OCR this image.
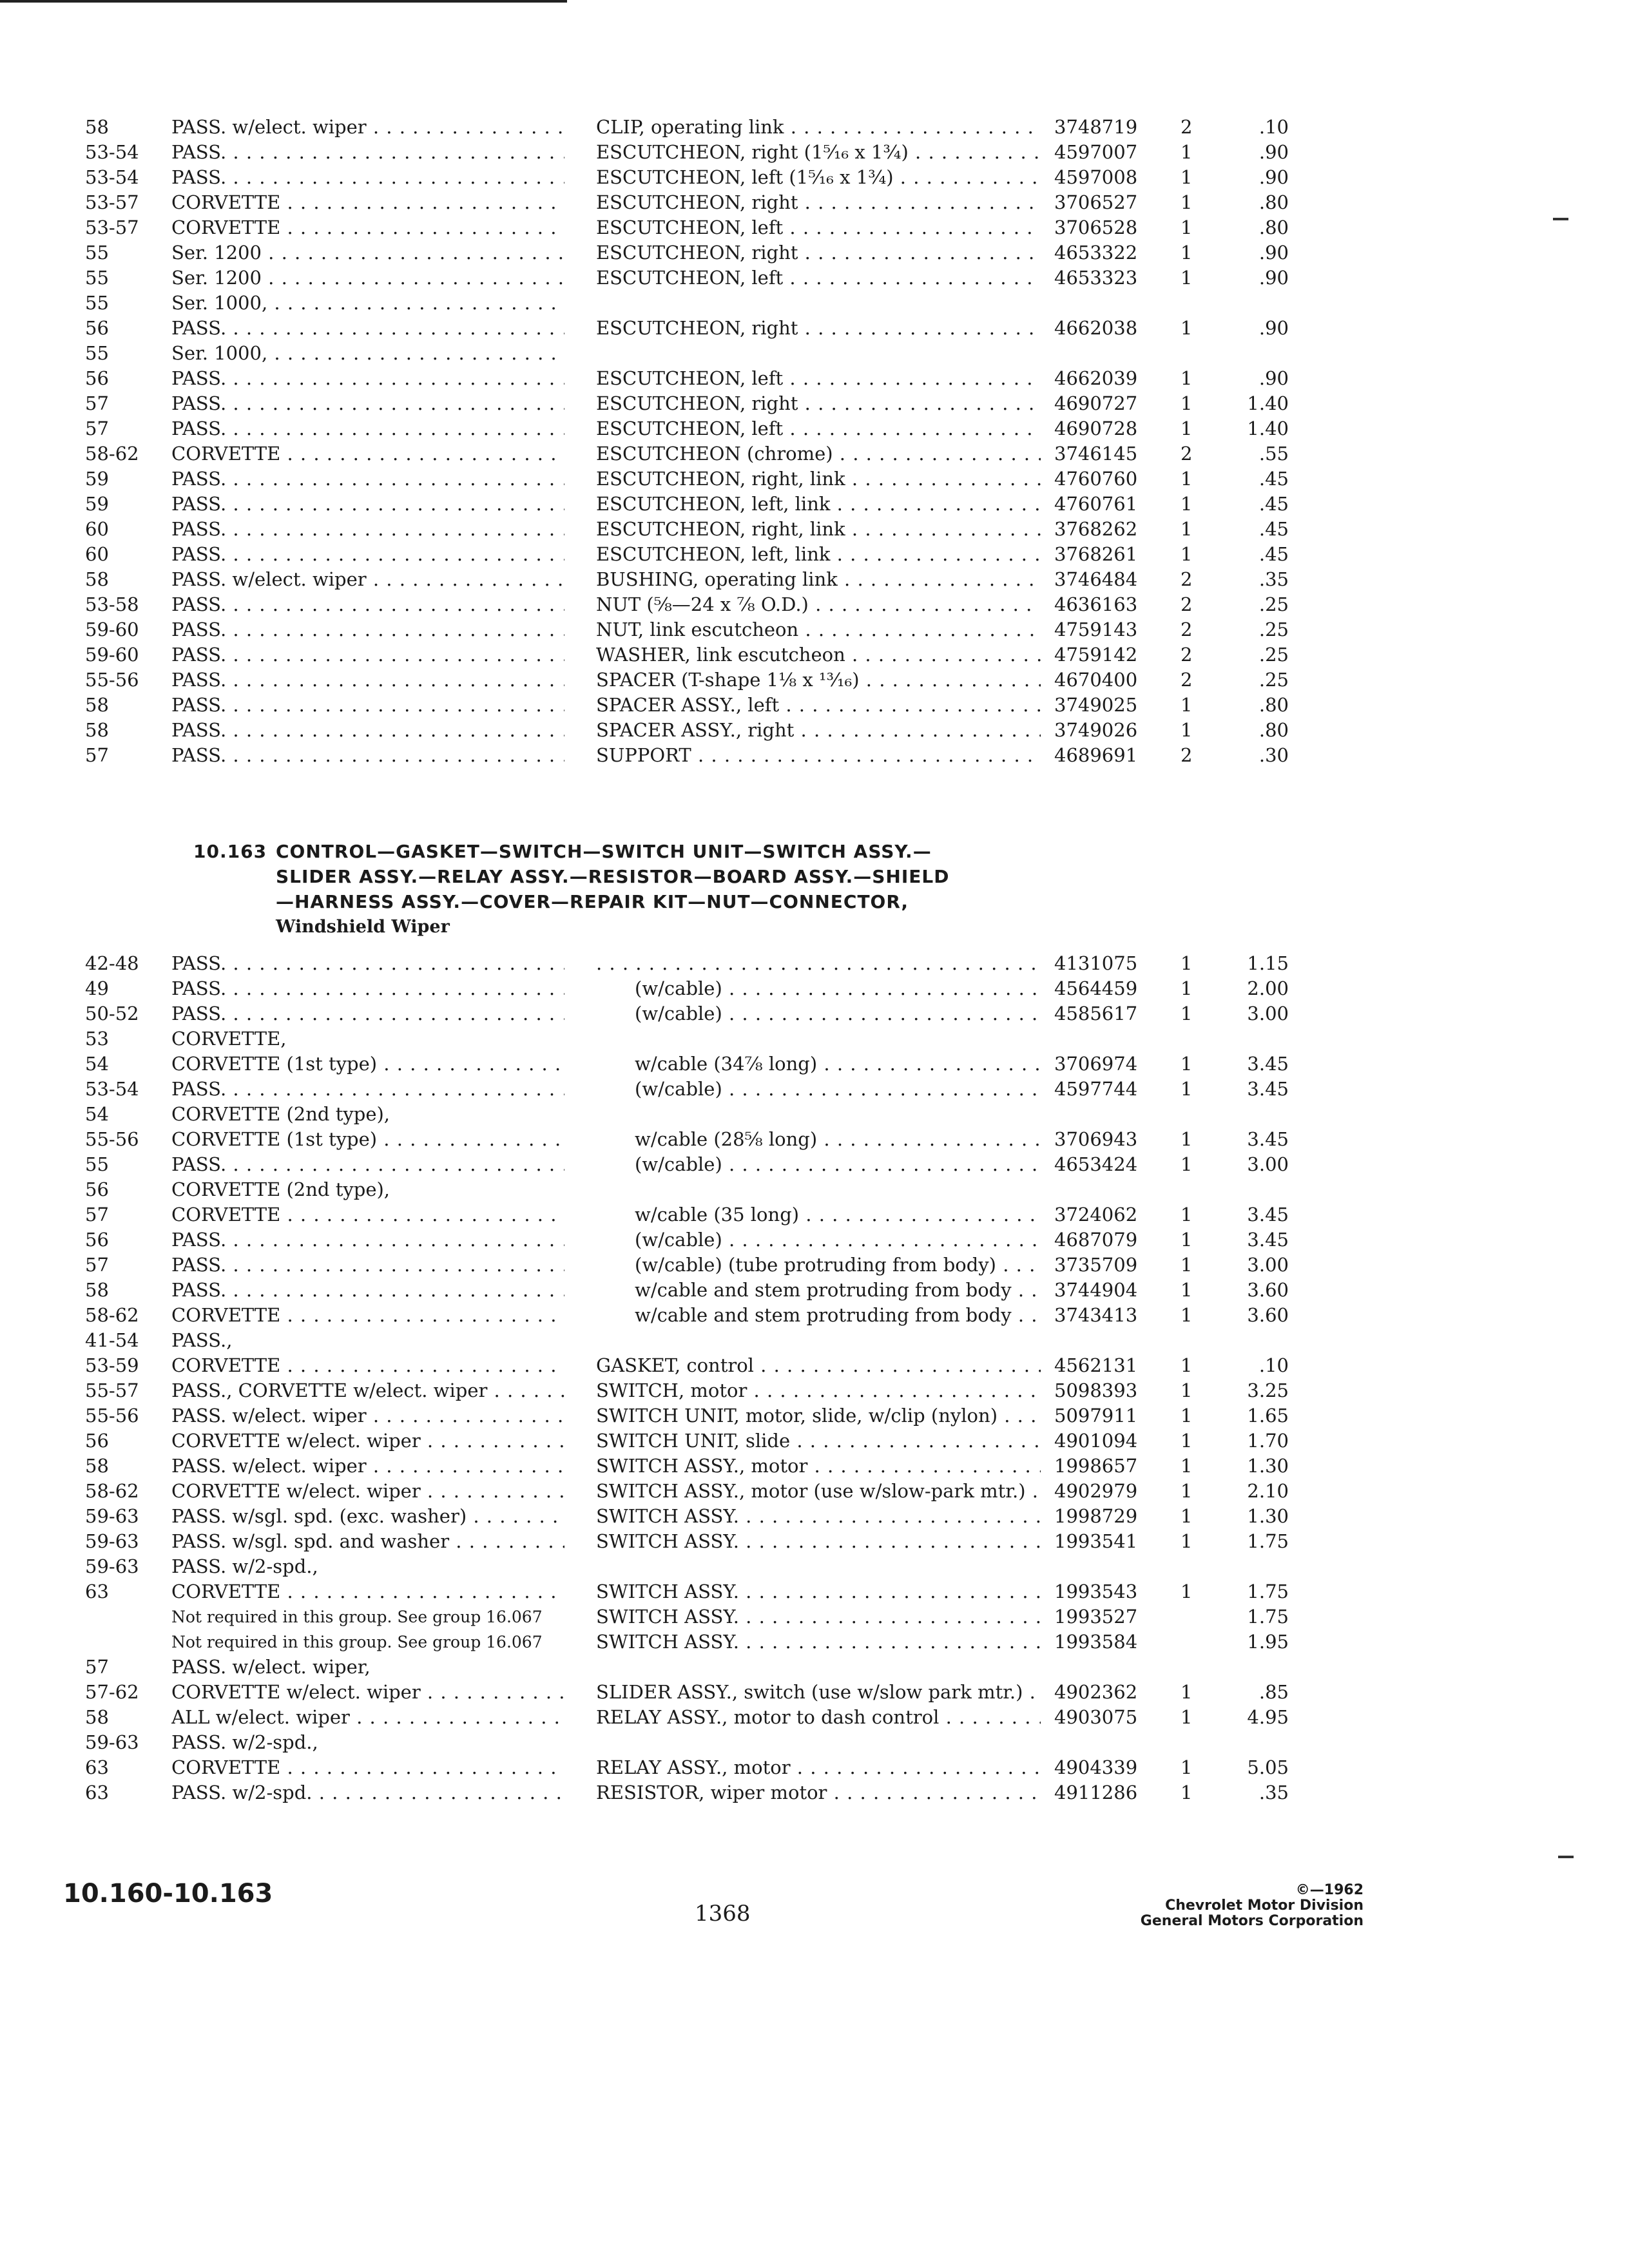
58	PASS. w/elect. wiper . . .	CLIP, operating link . . .	3748719	2	.10
53-54	PASS. . . .	ESCUTCHEON, right (1⁵⁄₁₆ x 1¾) . . .	4597007	1	.90
53-54	PASS. . . .	ESCUTCHEON, left (1⁵⁄₁₆ x 1¾) . . .	4597008	1	.90
53-57	CORVETTE . . .	ESCUTCHEON, right . . .	3706527	1	.80
53-57	CORVETTE . . .	ESCUTCHEON, left . . .	3706528	1	.80
55	Ser. 1200 . . .	ESCUTCHEON, right . . .	4653322	1	.90
55	Ser. 1200 . . .	ESCUTCHEON, left . . .	4653323	1	.90
55	Ser. 1000, . . .
56	PASS. . . .	ESCUTCHEON, right . . .	4662038	1	.90
55	Ser. 1000, . . .
56	PASS. . . .	ESCUTCHEON, left . . .	4662039	1	.90
57	PASS. . . .	ESCUTCHEON, right . . .	4690727	1	1.40
57	PASS. . . .	ESCUTCHEON, left . . .	4690728	1	1.40
58-62	CORVETTE . . .	ESCUTCHEON (chrome) . . .	3746145	2	.55
59	PASS. . . .	ESCUTCHEON, right, link . . .	4760760	1	.45
59	PASS. . . .	ESCUTCHEON, left, link . . .	4760761	1	.45
60	PASS. . . .	ESCUTCHEON, right, link . . .	3768262	1	.45
60	PASS. . . .	ESCUTCHEON, left, link . . .	3768261	1	.45
58	PASS. w/elect. wiper . . .	BUSHING, operating link . . .	3746484	2	.35
53-58	PASS. . . .	NUT (⅝—24 x ⅞ O.D.) . . .	4636163	2	.25
59-60	PASS. . . .	NUT, link escutcheon . . .	4759143	2	.25
59-60	PASS. . . .	WASHER, link escutcheon . . .	4759142	2	.25
55-56	PASS. . . .	SPACER (T-shape 1⅛ x ¹³⁄₁₆) . . .	4670400	2	.25
58	PASS. . . .	SPACER ASSY., left . . .	3749025	1	.80
58	PASS. . . .	SPACER ASSY., right . . .	3749026	1	.80
57	PASS. . . .	SUPPORT . . .	4689691	2	.30
10.163 CONTROL—GASKET—SWITCH—SWITCH UNIT—SWITCH ASSY.—
SLIDER ASSY.—RELAY ASSY.—RESISTOR—BOARD ASSY.—SHIELD
—HARNESS ASSY.—COVER—REPAIR KIT—NUT—CONNECTOR,
Windshield Wiper
42-48	PASS. . . .
. . .	4131075	1	1.15
49	PASS. . . .	(w/cable) . . .	4564459	1	2.00
50-52	PASS. . . .	(w/cable) . . .	4585617	1	3.00
53	CORVETTE,
54	CORVETTE (1st type) . . .	w/cable (34⅞ long) . . .	3706974	1	3.45
53-54	PASS. . . .	(w/cable) . . .	4597744	1	3.45
54	CORVETTE (2nd type),
55-56	CORVETTE (1st type) . . .	w/cable (28⅝ long) . . .	3706943	1	3.45
55	PASS. . . .	(w/cable) . . .	4653424	1	3.00
56	CORVETTE (2nd type),
57	CORVETTE . . .	w/cable (35 long) . . .	3724062	1	3.45
56	PASS. . . .	(w/cable) . . .	4687079	1	3.45
57	PASS. . . .	(w/cable) (tube protruding from body) . . .	3735709	1	3.00
58	PASS. . . .	w/cable and stem protruding from body . . .	3744904	1	3.60
58-62	CORVETTE . . .	w/cable and stem protruding from body . . .	3743413	1	3.60
41-54	PASS.,
53-59	CORVETTE . . .	GASKET, control . . .	4562131	1	.10
55-57	PASS., CORVETTE w/elect. wiper . . .	SWITCH, motor . . .	5098393	1	3.25
55-56	PASS. w/elect. wiper . . .	SWITCH UNIT, motor, slide, w/clip (nylon) . . .	5097911	1	1.65
56	CORVETTE w/elect. wiper . . .	SWITCH UNIT, slide . . .	4901094	1	1.70
58	PASS. w/elect. wiper . . .	SWITCH ASSY., motor . . .	1998657	1	1.30
58-62	CORVETTE w/elect. wiper . . .	SWITCH ASSY., motor (use w/slow-park mtr.) . . .	4902979	1	2.10
59-63	PASS. w/sgl. spd. (exc. washer) . . .	SWITCH ASSY. . . .	1998729	1	1.30
59-63	PASS. w/sgl. spd. and washer . . .	SWITCH ASSY. . . .	1993541	1	1.75
59-63	PASS. w/2-spd.,
63	CORVETTE . . .	SWITCH ASSY. . . .	1993543	1	1.75
Not required in this group. See group 16.067	SWITCH ASSY. . . .	1993527	1.75
Not required in this group. See group 16.067	SWITCH ASSY. . . .	1993584	1.95
57	PASS. w/elect. wiper,
57-62	CORVETTE w/elect. wiper . . .	SLIDER ASSY., switch (use w/slow park mtr.) . . .	4902362	1	.85
58	ALL w/elect. wiper . . .	RELAY ASSY., motor to dash control . . .	4903075	1	4.95
59-63	PASS. w/2-spd.,
63	CORVETTE . . .	RELAY ASSY., motor . . .	4904339	1	5.05
63	PASS. w/2-spd. . . .	RESISTOR, wiper motor . . .	4911286	1	.35
10.160-10.163
1368
©—1962
Chevrolet Motor Division
General Motors Corporation
